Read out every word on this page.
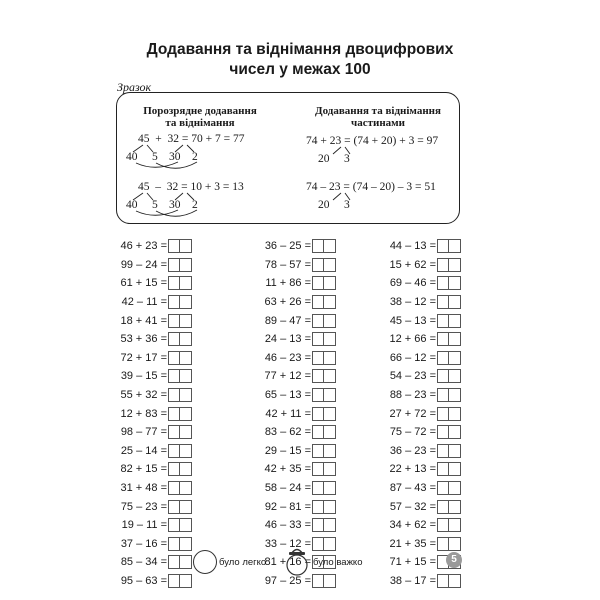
Додавання та віднімання двоцифрових
чисел у межах 100
Зразок
Порозрядне додавання
та віднімання
Додавання та віднімання
частинами
45  +  32 = 70 + 7 = 77
40 5 30 2
45  –  32 = 10 + 3 = 13
40 5 30 2
74 + 23 = (74 + 20) + 3 = 97
20 3
74 – 23 = (74 – 20) – 3 = 51
20 3
46 + 23 =
99 – 24 =
61 + 15 =
42 – 11 =
18 + 41 =
53 + 36 =
72 + 17 =
39 – 15 =
55 + 32 =
12 + 83 =
98 – 77 =
25 – 14 =
82 + 15 =
31 + 48 =
75 – 23 =
19 – 11 =
37 – 16 =
85 – 34 =
95 – 63 =
36 – 25 =
78 – 57 =
11 + 86 =
63 + 26 =
89 – 47 =
24 – 13 =
46 – 23 =
77 + 12 =
65 – 13 =
42 + 11 =
83 – 62 =
29 – 15 =
42 + 35 =
58 – 24 =
92 – 81 =
46 – 33 =
33 – 12 =
81 + 16 =
97 – 25 =
44 – 13 =
15 + 62 =
69 – 46 =
38 – 12 =
45 – 13 =
12 + 66 =
66 – 12 =
54 – 23 =
88 – 23 =
27 + 72 =
75 – 72 =
36 – 23 =
22 + 13 =
87 – 43 =
57 – 32 =
34 + 62 =
21 + 35 =
71 + 15 =
38 – 17 =
було легко	було важко	5
